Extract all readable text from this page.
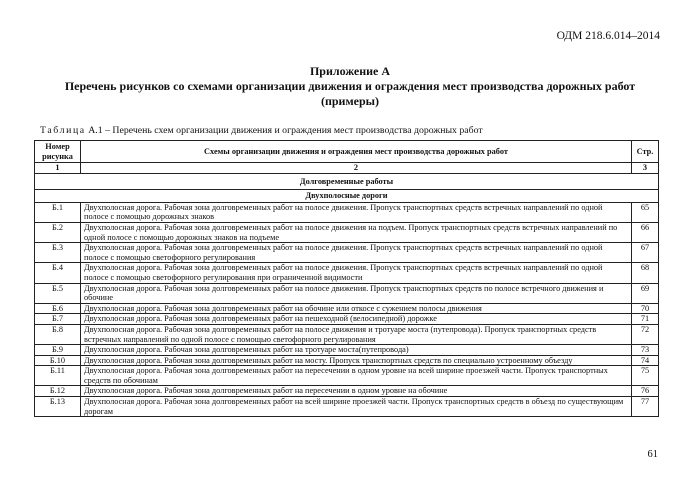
ОДМ 218.6.014–2014
Приложение А
Перечень рисунков со схемами организации движения и ограждения мест производства дорожных работ
(примеры)
Таблица А.1 – Перечень схем организации движения и ограждения мест производства дорожных работ
Номер рисунка	Схемы организации движения и ограждения мест производства дорожных работ	Стр.
1	2	3
Долговременные работы		
Двухполосные дороги		
Б.1	Двухполосная дорога. Рабочая зона долговременных работ на полосе движения. Пропуск транспортных средств встречных направлений по одной полосе с помощью дорожных знаков	65
Б.2	Двухполосная дорога. Рабочая зона долговременных работ на полосе движения на подъем. Пропуск транспортных средств встречных направлений по одной полосе с помощью дорожных знаков на подъеме	66
Б.3	Двухполосная дорога. Рабочая зона долговременных работ на полосе движения. Пропуск транспортных средств встречных направлений по одной полосе с помощью светофорного регулирования	67
Б.4	Двухполосная дорога. Рабочая зона долговременных работ на полосе движения. Пропуск транспортных средств встречных направлений по одной полосе с помощью светофорного регулирования при ограниченной видимости	68
Б.5	Двухполосная дорога. Рабочая зона долговременных работ на полосе движения. Пропуск транспортных средств по полосе встречного движения и обочине	69
Б.6	Двухполосная дорога. Рабочая зона долговременных работ на обочине или откосе с сужением полосы движения	70
Б.7	Двухполосная дорога. Рабочая зона долговременных работ на пешеходной (велосипедной) дорожке	71
Б.8	Двухполосная дорога. Рабочая зона долговременных работ на полосе движения и тротуаре моста (путепровода). Пропуск транспортных средств встречных направлений по одной полосе с помощью светофорного регулирования	72
Б.9	Двухполосная дорога. Рабочая зона долговременных работ на тротуаре моста(путепровода)	73
Б.10	Двухполосная дорога. Рабочая зона долговременных работ на мосту. Пропуск транспортных средств по специально устроенному объезду	74
Б.11	Двухполосная дорога. Рабочая зона долговременных работ на пересечении в одном уровне на всей ширине проезжей части. Пропуск транспортных средств по обочинам	75
Б.12	Двухполосная дорога. Рабочая зона долговременных работ на пересечении в одном уровне на обочине	76
Б.13	Двухполосная дорога. Рабочая зона долговременных работ на всей ширине проезжей части. Пропуск транспортных средств в объезд по существующим дорогам	77
61
